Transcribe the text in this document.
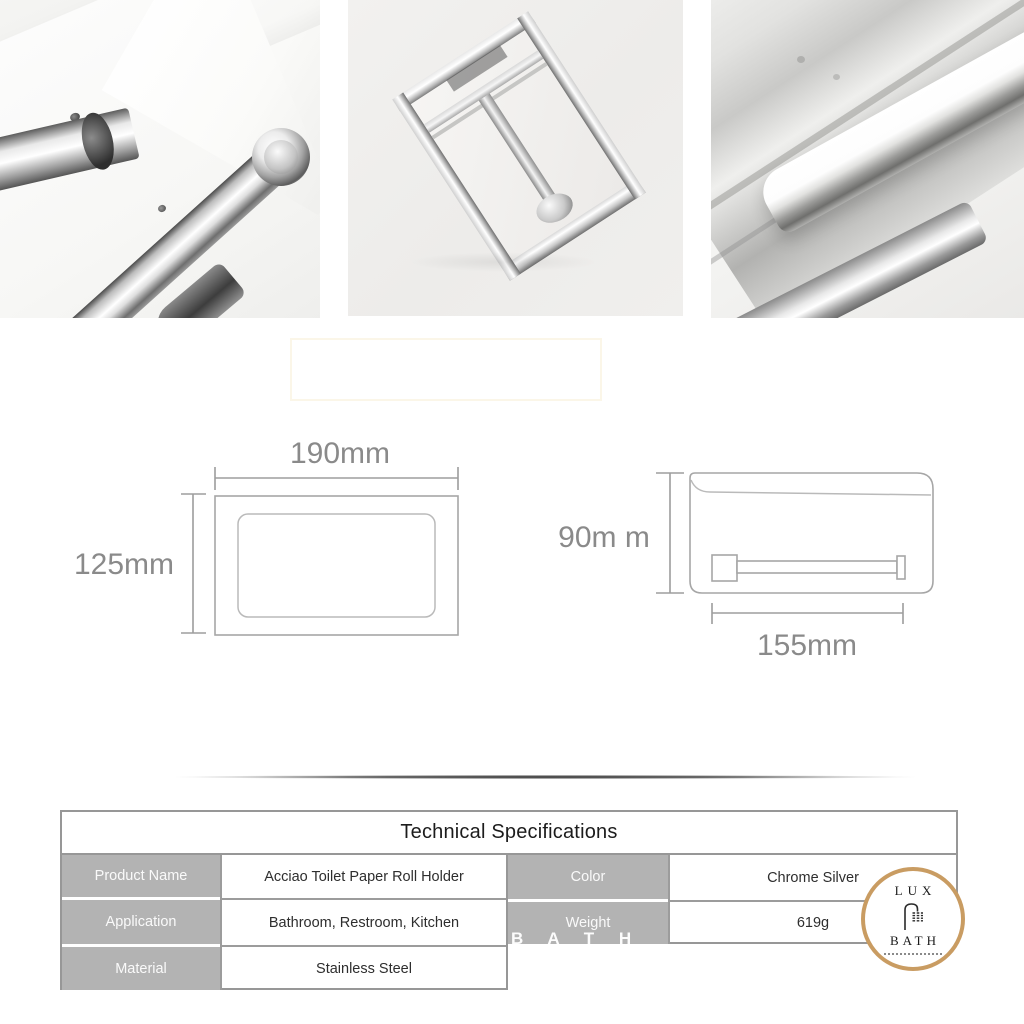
190mm
125mm
90m m
155mm
Technical Specifications
Product Name	Acciao Toilet Paper Roll Holder
Application	Bathroom, Restroom, Kitchen
Material	Stainless Steel
Color	Chrome Silver
Weight	619g
B A T H
LUX
BATH
